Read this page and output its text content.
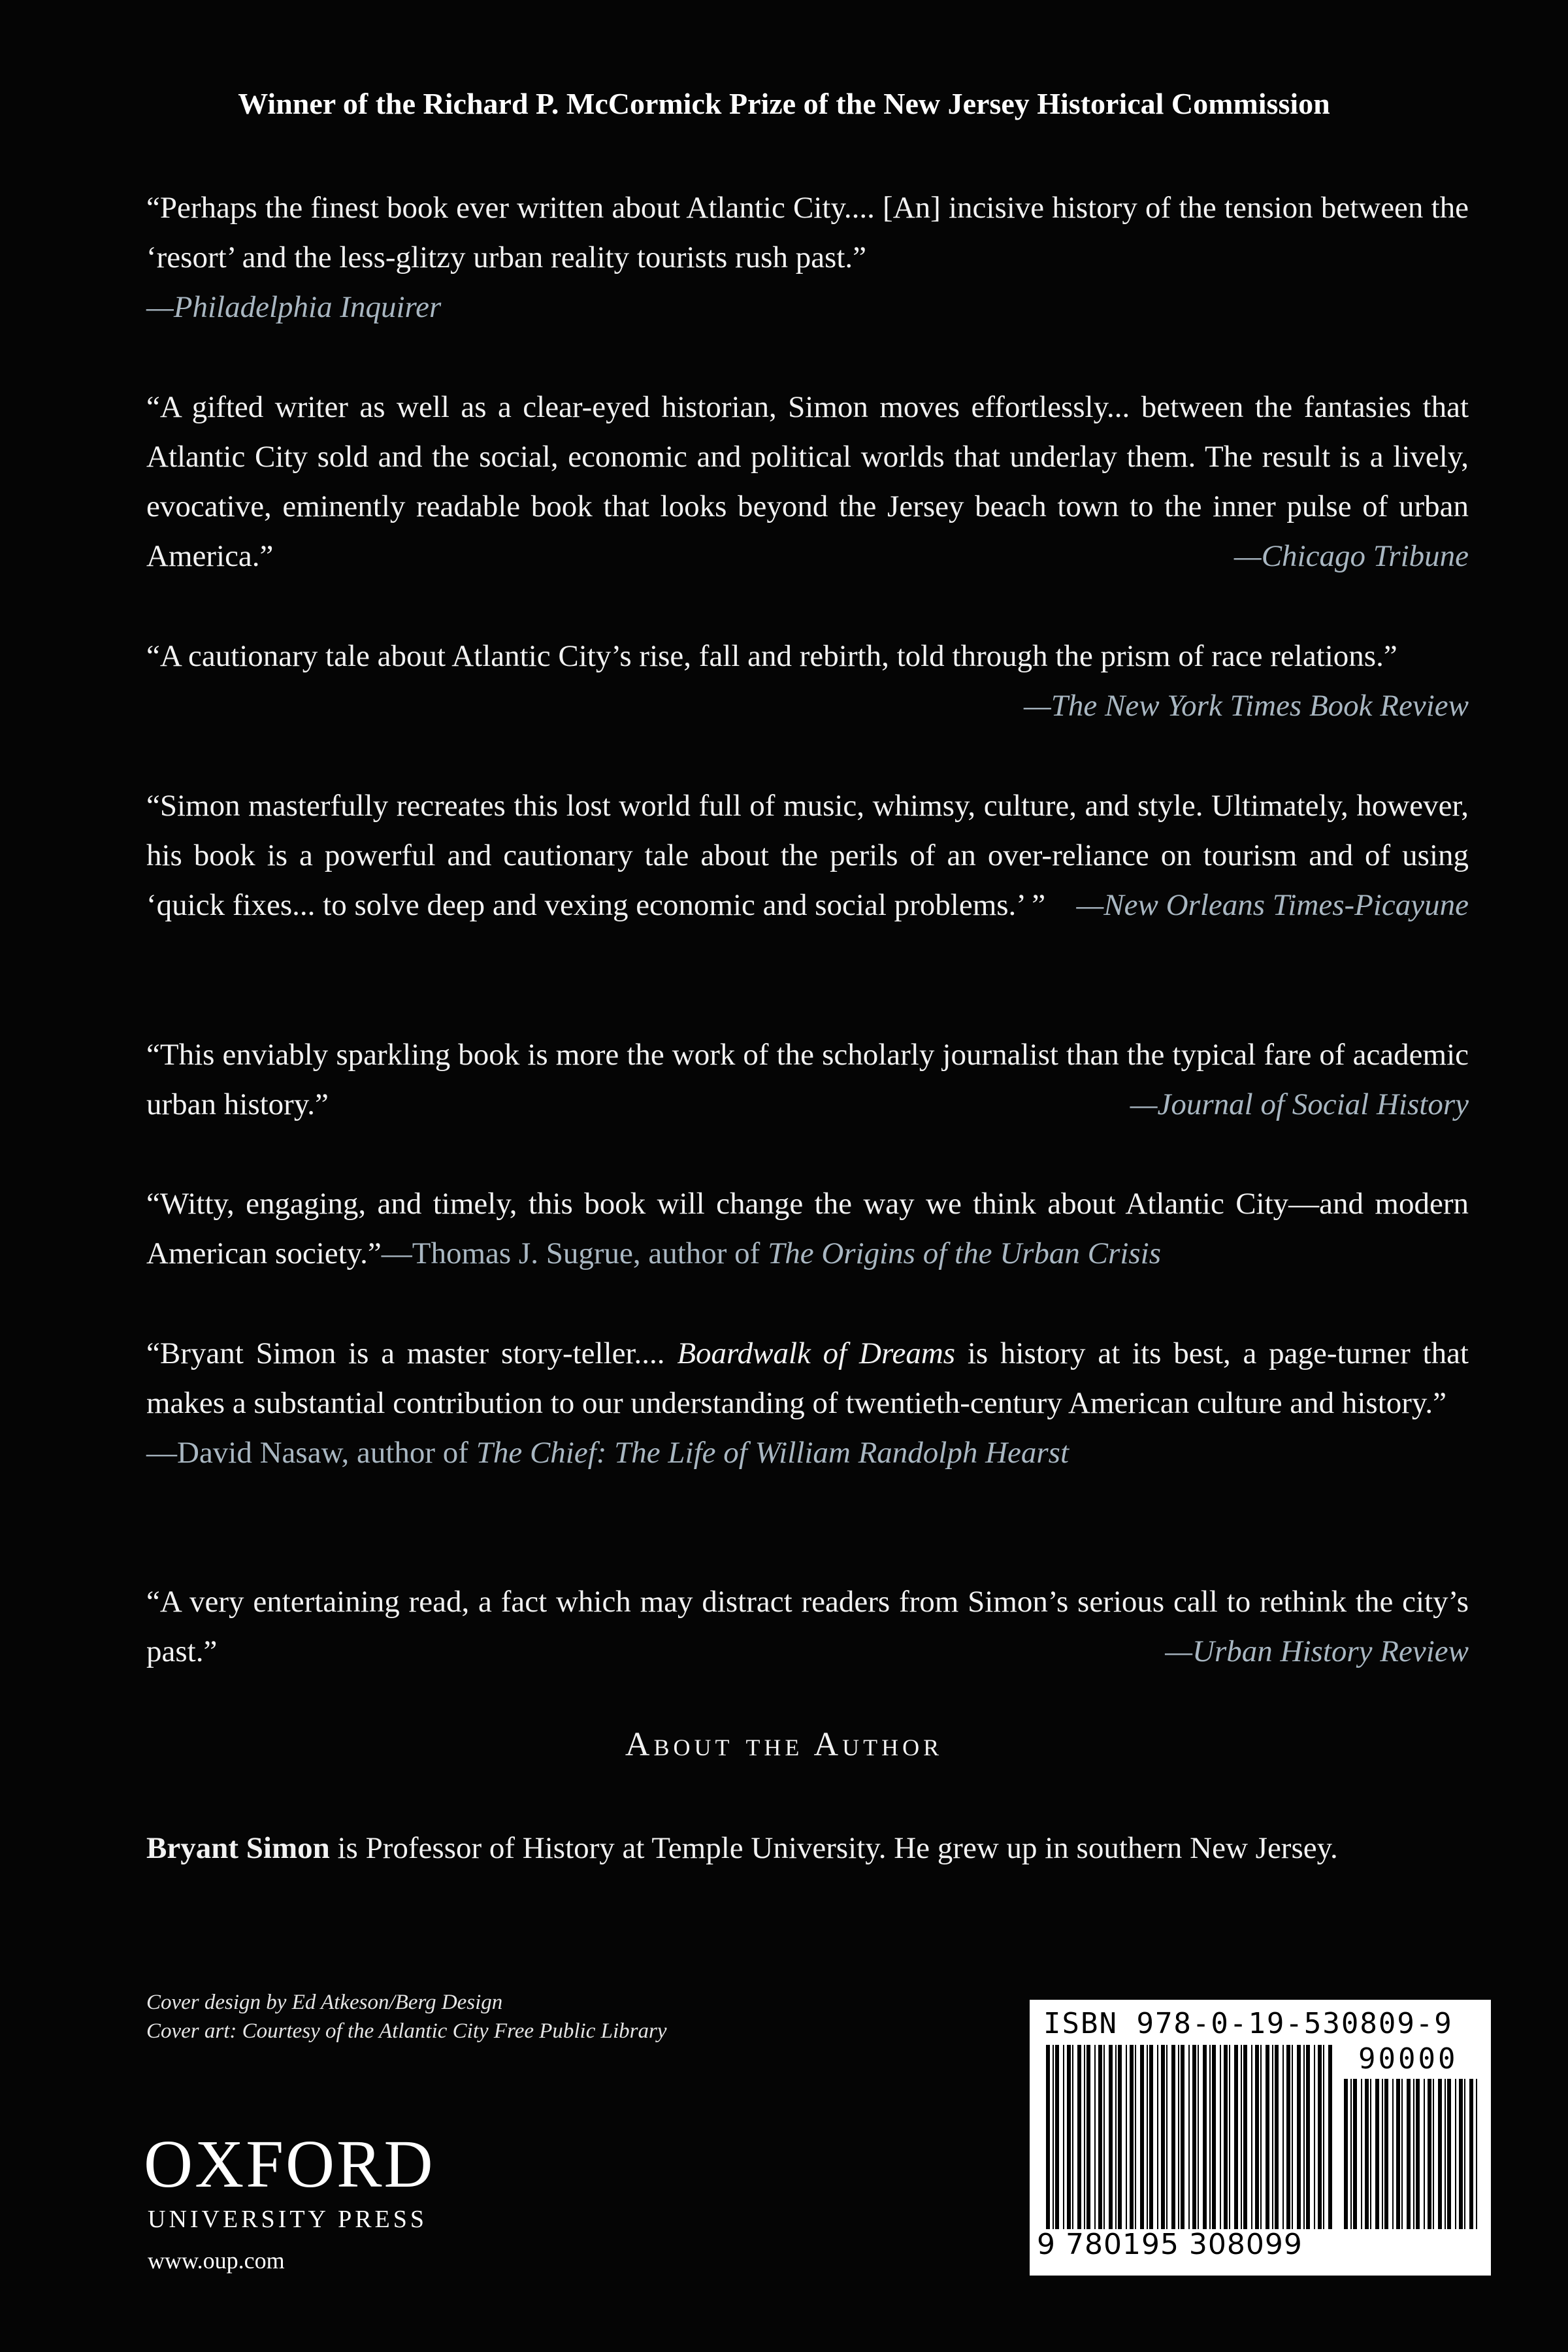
Winner of the Richard P. McCormick Prize of the New Jersey Historical Commission
“Perhaps the finest book ever written about Atlantic City.... [An] incisive history of the tension between the ‘resort’ and the less-glitzy urban reality tourists rush past.”
—Philadelphia Inquirer
“A gifted writer as well as a clear-eyed historian, Simon moves effortlessly... between the fantasies that Atlantic City sold and the social, economic and political worlds that underlay them. The result is a lively, evocative, eminently readable book that looks beyond the Jersey beach town to the inner pulse of urban America.”	—Chicago Tribune
“A cautionary tale about Atlantic City’s rise, fall and rebirth, told through the prism of race relations.”
—The New York Times Book Review
“Simon masterfully recreates this lost world full of music, whimsy, culture, and style. Ultimately, however, his book is a powerful and cautionary tale about the perils of an over-reliance on tourism and of using ‘quick fixes... to solve deep and vexing economic and social problems.’ ” —New Orleans Times-Picayune
“This enviably sparkling book is more the work of the scholarly journalist than the typical fare of academic urban history.”	—Journal of Social History
“Witty, engaging, and timely, this book will change the way we think about Atlantic City—and modern American society.”—Thomas J. Sugrue, author of The Origins of the Urban Crisis
“Bryant Simon is a master story-teller.... Boardwalk of Dreams is history at its best, a page-turner that makes a substantial contribution to our understanding of twentieth-century American culture and history.”
—David Nasaw, author of The Chief: The Life of William Randolph Hearst
“A very entertaining read, a fact which may distract readers from Simon’s serious call to rethink the city’s past.”	—Urban History Review
About the Author
Bryant Simon is Professor of History at Temple University. He grew up in southern New Jersey.
Cover design by Ed Atkeson/Berg Design
Cover art: Courtesy of the Atlantic City Free Public Library
OXFORD
UNIVERSITY PRESS
www.oup.com
ISBN 978-0-19-530809-9
90000
9 780195 308099
